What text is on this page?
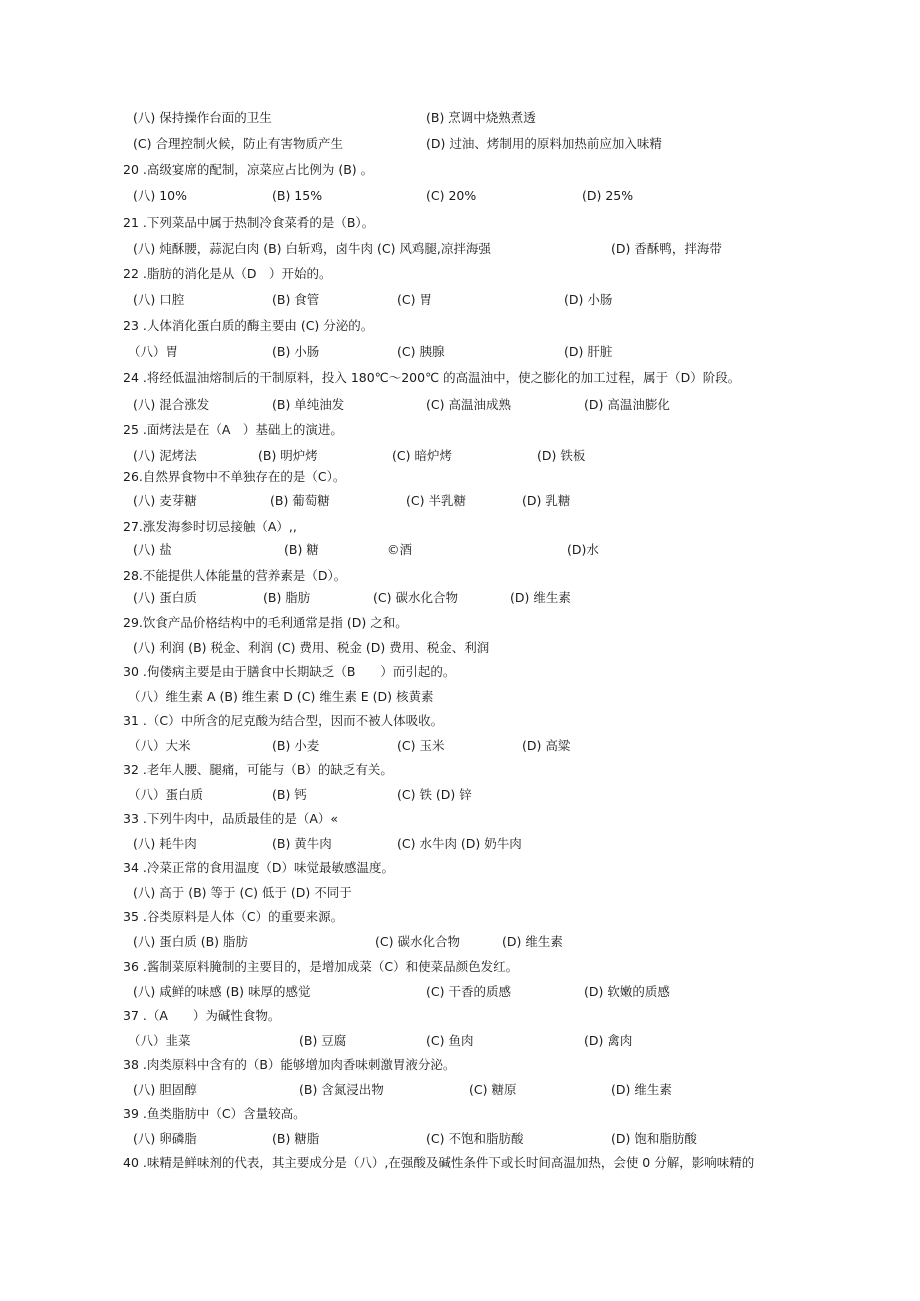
(八) 保持操作台面的卫生	(B) 烹调中烧熟煮透
(C) 合理控制火候，防止有害物质产生	(D) 过油、烤制用的原料加热前应加入味精
20 .高级宴席的配制，凉菜应占比例为 (B) 。
(八) 10%	(B) 15%	(C) 20%	(D) 25%
21 .下列菜品中属于热制冷食菜肴的是（B）。
(八) 炖酥腰，蒜泥白肉 (B) 白斩鸡，卤牛肉 (C) 风鸡腿,凉拌海强	(D) 香酥鸭，拌海带
22 .脂肪的消化是从（D　）开始的。
(八) 口腔	(B) 食管	(C) 胃	(D) 小肠
23 .人体消化蛋白质的酶主要由 (C) 分泌的。
（八）胃	(B) 小肠	(C) 胰腺	(D) 肝脏
24 .将经低温油熔制后的干制原料，投入 180℃〜200℃ 的高温油中，使之膨化的加工过程，属于（D）阶段。
(八) 混合涨发	(B) 单纯油发	(C) 高温油成熟	(D) 高温油膨化
25 .面烤法是在（A　）基础上的演进。
(八) 泥烤法	(B) 明炉烤	(C) 暗炉烤	(D) 铁板
26.自然界食物中不单独存在的是（C）。
(八) 麦芽糖	(B) 葡萄糖	(C) 半乳糖	(D) 乳糖
27.涨发海参时切忌接触（A）,,
(八) 盐	(B) 糖	©酒	(D)水
28.不能提供人体能量的营养素是（D）。
(八) 蛋白质	(B) 脂肪	(C) 碳水化合物	(D) 维生素
29.饮食产品价格结构中的毛利通常是指 (D) 之和。
(八) 利润 (B) 税金、利润 (C) 费用、税金 (D) 费用、税金、利润
30 .佝偻病主要是由于膳食中长期缺乏（B　　）而引起的。
（八）维生素 A (B) 维生素 D (C) 维生素 E (D) 核黄素
31 .（C）中所含的尼克酸为结合型，因而不被人体吸收。
（八）大米	(B) 小麦	(C) 玉米	(D) 高粱
32 .老年人腰、腿痛，可能与（B）的缺乏有关。
（八）蛋白质	(B) 钙	(C) 铁 (D) 锌
33 .下列牛肉中，品质最佳的是（A）«
(八) 耗牛肉	(B) 黄牛肉	(C) 水牛肉 (D) 奶牛肉
34 .冷菜正常的食用温度（D）味觉最敏感温度。
(八) 高于 (B) 等于 (C) 低于 (D) 不同于
35 .谷类原料是人体（C）的重要来源。
(八) 蛋白质 (B) 脂肪	(C) 碳水化合物	(D) 维生素
36 .酱制菜原料腌制的主要目的，是增加成菜（C）和使菜品颜色发红。
(八) 咸鲜的味感 (B) 味厚的感觉	(C) 干香的质感	(D) 软嫩的质感
37 .（A　　）为碱性食物。
（八）韭菜	(B) 豆腐	(C) 鱼肉	(D) 禽肉
38 .肉类原料中含有的（B）能够增加肉香味刺激胃液分泌。
(八) 胆固醇	(B) 含氮浸出物	(C) 糖原	(D) 维生素
39 .鱼类脂肪中（C）含量较高。
(八) 卵磷脂	(B) 糖脂	(C) 不饱和脂肪酸	(D) 饱和脂肪酸
40 .味精是鲜味剂的代表，其主要成分是（八）,在强酸及碱性条件下或长时间高温加热，会使 0 分解，影响味精的
